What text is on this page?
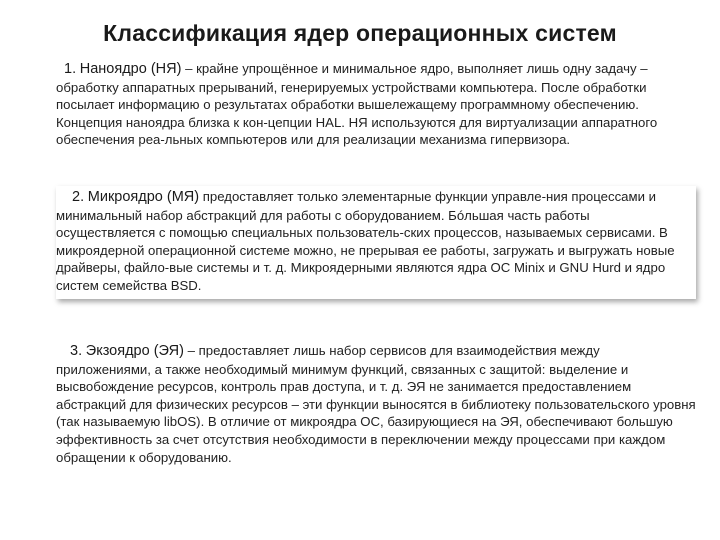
Классификация ядер операционных систем
1. Наноядро (НЯ) – крайне упрощённое и минимальное ядро, выполняет лишь одну задачу – обработку аппаратных прерываний, генерируемых устройствами компьютера. После обработки посылает информацию о результатах обработки вышележащему программному обеспечению. Концепция наноядра близка к кон-цепции HAL. НЯ используются для виртуализации аппаратного обеспечения реа-льных компьютеров или для реализации механизма гипервизора.
2. Микроядро (МЯ) предоставляет только элементарные функции управле-ния процессами и минимальный набор абстракций для работы с оборудованием. Бóльшая часть работы осуществляется с помощью специальных пользователь-ских процессов, называемых сервисами. В микроядерной операционной системе можно, не прерывая ее работы, загружать и выгружать новые драйверы, файло-вые системы и т. д. Микроядерными являются ядра ОС Minix и GNU Hurd и ядро систем семейства BSD.
3. Экзоядро (ЭЯ) – предоставляет лишь набор сервисов для взаимодействия между приложениями, а также необходимый минимум функций, связанных с защитой: выделение и высвобождение ресурсов, контроль прав доступа, и т. д. ЭЯ не занимается предоставлением абстракций для физических ресурсов – эти функции выносятся в библиотеку пользовательского уровня (так называемую libOS). В отличие от микроядра ОС, базирующиеся на ЭЯ, обеспечивают большую эффективность за счет отсутствия необходимости в переключении между процессами при каждом обращении к оборудованию.
